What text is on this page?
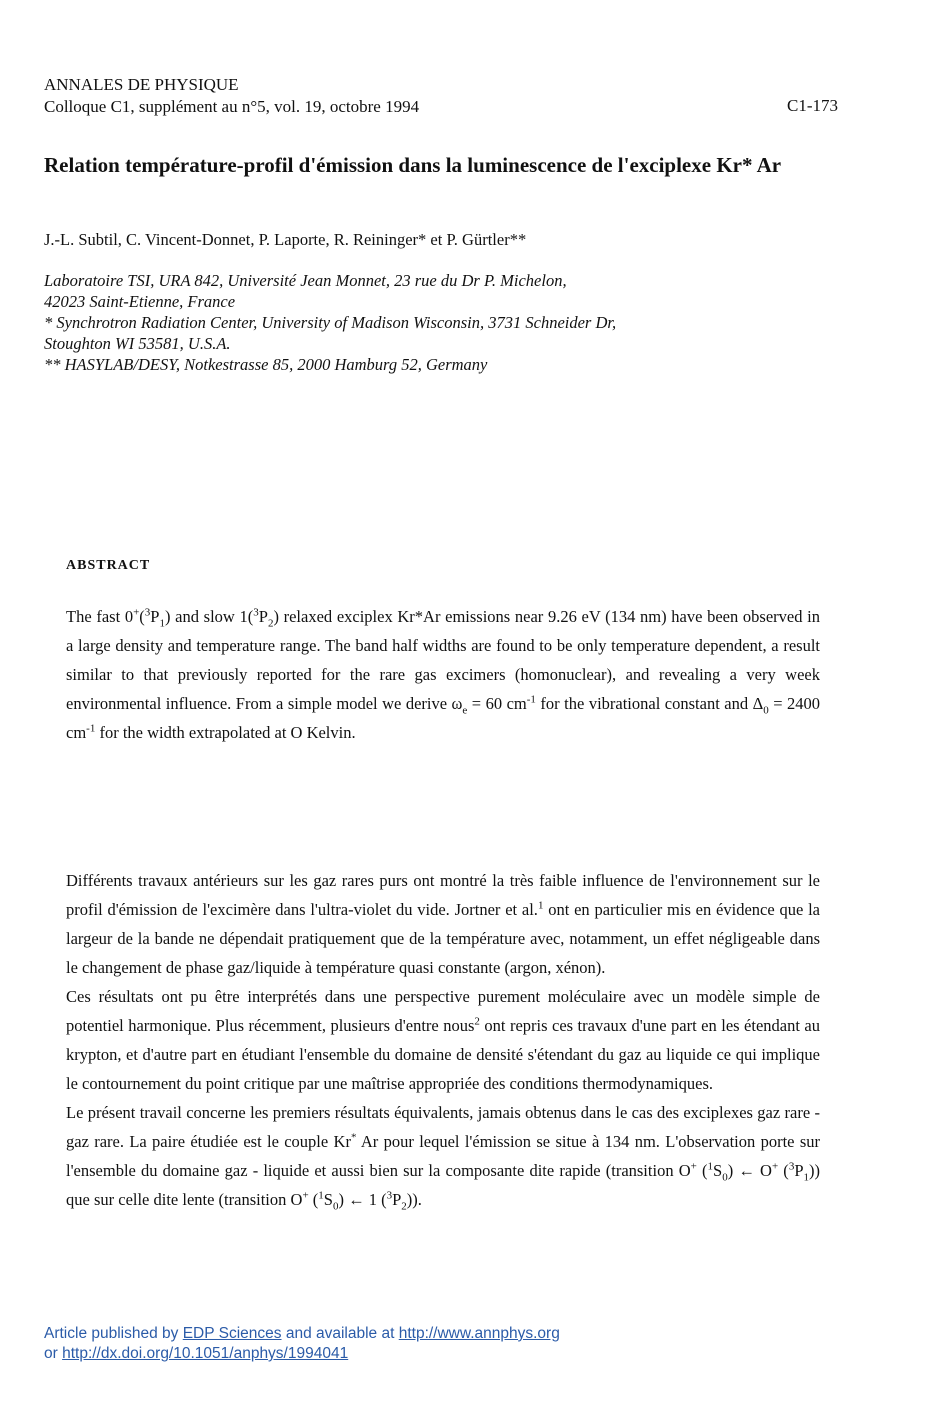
ANNALES DE PHYSIQUE
Colloque C1, supplément au n°5, vol. 19, octobre 1994	C1-173
Relation température-profil d'émission dans la luminescence de l'exciplexe Kr* Ar
J.-L. Subtil, C. Vincent-Donnet, P. Laporte, R. Reininger* et P. Gürtler**
Laboratoire TSI, URA 842, Université Jean Monnet, 23 rue du Dr P. Michelon,
42023 Saint-Etienne, France
* Synchrotron Radiation Center, University of Madison Wisconsin, 3731 Schneider Dr,
Stoughton WI 53581, U.S.A.
** HASYLAB/DESY, Notkestrasse 85, 2000 Hamburg 52, Germany
ABSTRACT
The fast $0^+(^3P_1)$ and slow $1(^3P_2)$ relaxed exciplex Kr*Ar emissions near 9.26 eV (134 nm) have been observed in a large density and temperature range. The band half widths are found to be only temperature dependent, a result similar to that previously reported for the rare gas excimers (homonuclear), and revealing a very week environmental influence. From a simple model we derive $\omega_e = 60$ $cm^{-1}$ for the vibrational constant and $\Delta_0 = 2400$ $cm^{-1}$ for the width extrapolated at O Kelvin.

Différents travaux antérieurs sur les gaz rares purs ont montré la très faible influence de l'environnement sur le profil d'émission de l'excimère dans l'ultra-violet du vide. Jortner et al.$^1$ ont en particulier mis en évidence que la largeur de la bande ne dépendait pratiquement que de la température avec, notamment, un effet négligeable dans le changement de phase gaz/liquide à température quasi constante (argon, xénon).

Ces résultats ont pu être interprétés dans une perspective purement moléculaire avec un modèle simple de potentiel harmonique. Plus récemment, plusieurs d'entre nous$^2$ ont repris ces travaux d'une part en les étendant au krypton, et d'autre part en étudiant l'ensemble du domaine de densité s'étendant du gaz au liquide ce qui implique le contournement du point critique par une maîtrise appropriée des conditions thermodynamiques.

Le présent travail concerne les premiers résultats équivalents, jamais obtenus dans le cas des exciplexes gaz rare - gaz rare. La paire étudiée est le couple Kr* Ar pour lequel l'émission se situe à 134 nm. L'observation porte sur l'ensemble du domaine gaz - liquide et aussi bien sur la composante dite rapide (transition O+ $(^1S_0)$ ← O+ $(^3P_1)$) que sur celle dite lente (transition O+ $(^1S_0)$ ← 1 $(^3P_2)$).

Article published by EDP Sciences and available at http://www.annphys.org
or http://dx.doi.org/10.1051/anphys/1994041
